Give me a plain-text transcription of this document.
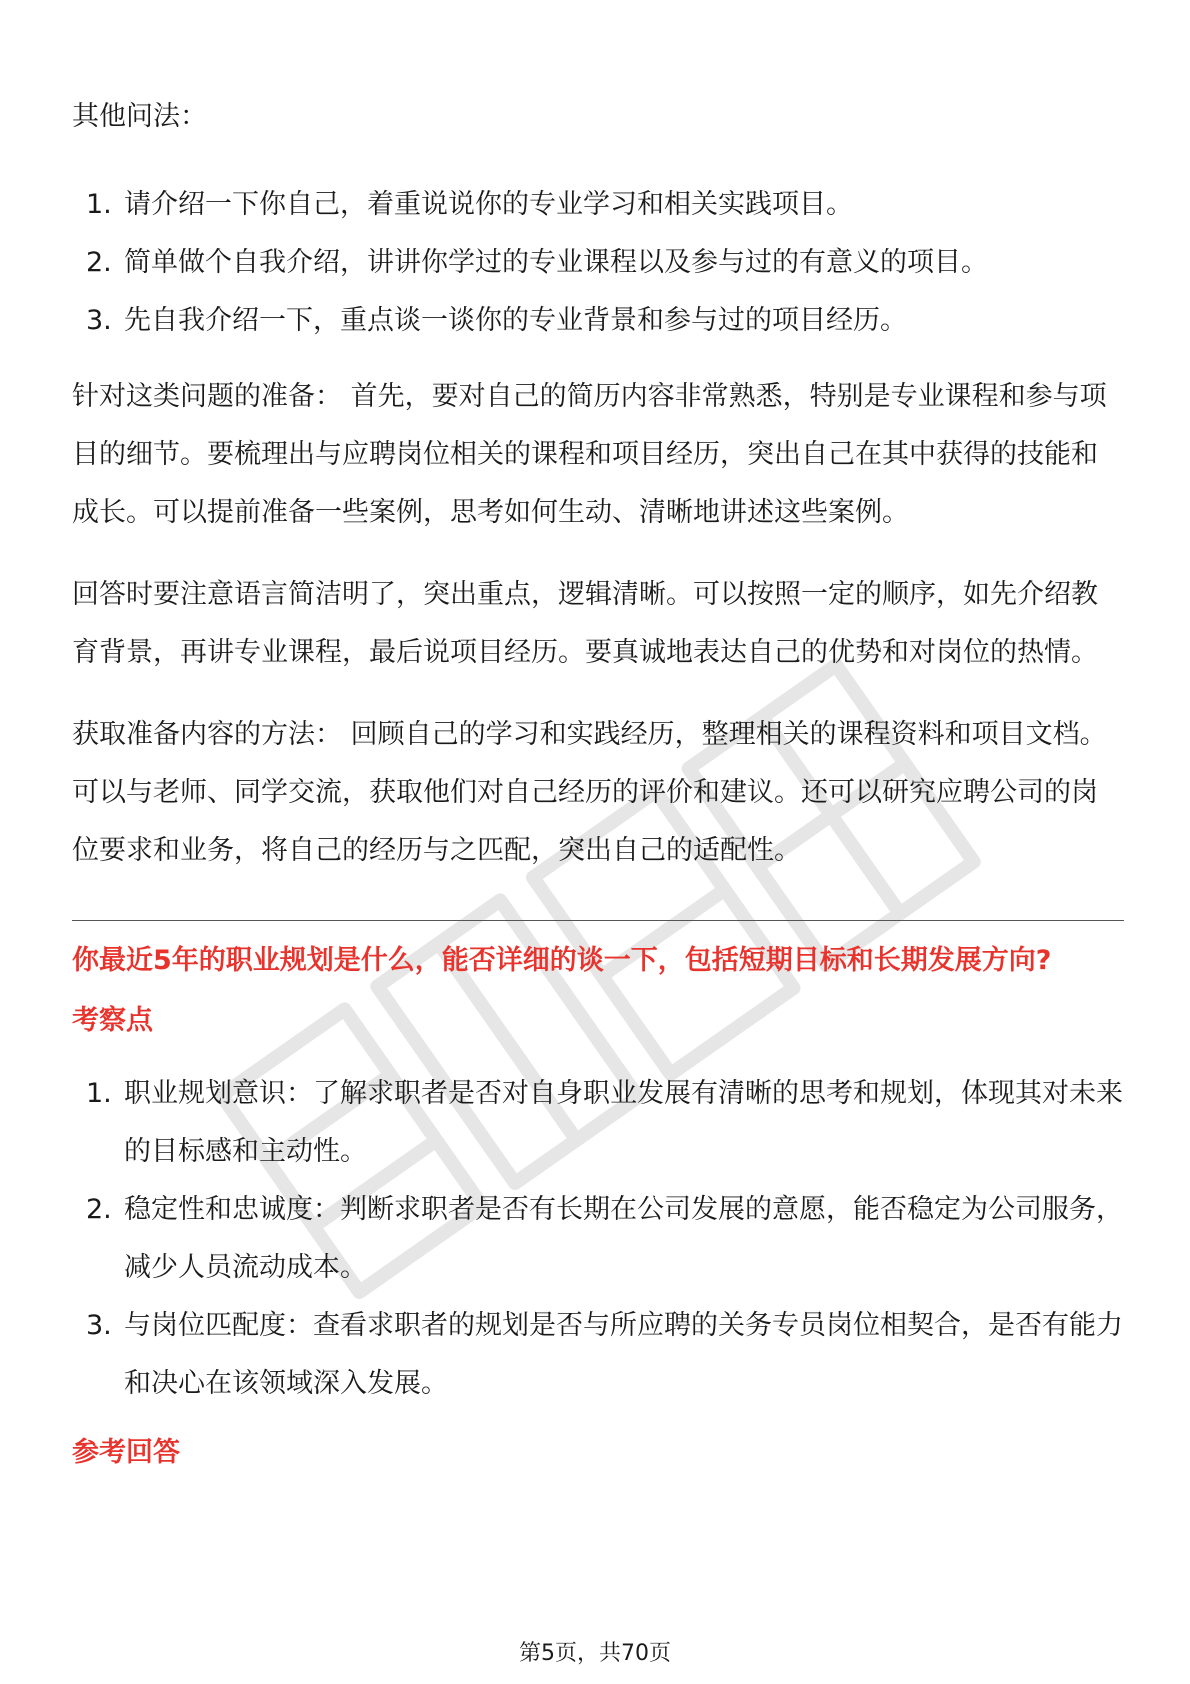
其他问法：

1. 请介绍一下你自己，着重说说你的专业学习和相关实践项目。
2. 简单做个自我介绍，讲讲你学过的专业课程以及参与过的有意义的项目。
3. 先自我介绍一下，重点谈一谈你的专业背景和参与过的项目经历。

针对这类问题的准备： 首先，要对自己的简历内容非常熟悉，特别是专业课程和参与项目的细节。要梳理出与应聘岗位相关的课程和项目经历，突出自己在其中获得的技能和成长。可以提前准备一些案例，思考如何生动、清晰地讲述这些案例。

回答时要注意语言简洁明了，突出重点，逻辑清晰。可以按照一定的顺序，如先介绍教育背景，再讲专业课程，最后说项目经历。要真诚地表达自己的优势和对岗位的热情。

获取准备内容的方法： 回顾自己的学习和实践经历，整理相关的课程资料和项目文档。可以与老师、同学交流，获取他们对自己经历的评价和建议。还可以研究应聘公司的岗位要求和业务，将自己的经历与之匹配，突出自己的适配性。

你最近5年的职业规划是什么，能否详细的谈一下，包括短期目标和长期发展方向?

考察点

1. 职业规划意识：了解求职者是否对自身职业发展有清晰的思考和规划，体现其对未来的目标感和主动性。
2. 稳定性和忠诚度：判断求职者是否有长期在公司发展的意愿，能否稳定为公司服务，减少人员流动成本。
3. 与岗位匹配度：查看求职者的规划是否与所应聘的关务专员岗位相契合，是否有能力和决心在该领域深入发展。

参考回答

第5页，共70页
